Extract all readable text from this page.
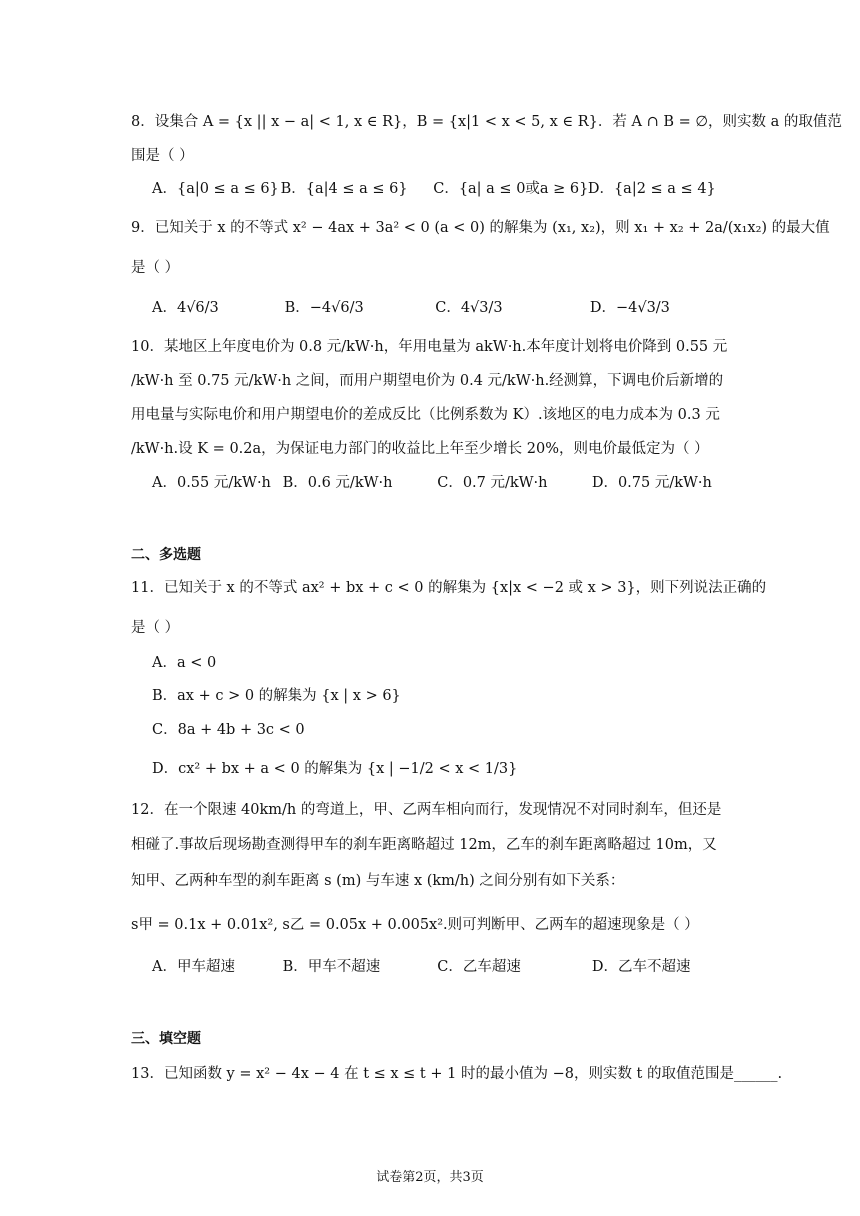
8．设集合 A = {x || x − a| < 1, x ∈ R}，B = {x|1 < x < 5, x ∈ R}．若 A ∩ B = ∅，则实数 a 的取值范
围是（ ）
A．{a|0 ≤ a ≤ 6} B．{a|4 ≤ a ≤ 6} C．{a| a ≤ 0或a ≥ 6} D．{a|2 ≤ a ≤ 4}
9．已知关于 x 的不等式 x² − 4ax + 3a² < 0 (a < 0) 的解集为 (x₁, x₂)，则 x₁ + x₂ + 2a/(x₁x₂) 的最大值
是（ ）
A．4√6/3	B．−4√6/3	C．4√3/3	D．−4√3/3
10．某地区上年度电价为 0.8 元/kW·h，年用电量为 akW·h.本年度计划将电价降到 0.55 元
/kW·h 至 0.75 元/kW·h 之间，而用户期望电价为 0.4 元/kW·h.经测算，下调电价后新增的
用电量与实际电价和用户期望电价的差成反比（比例系数为 K）.该地区的电力成本为 0.3 元
/kW·h.设 K = 0.2a，为保证电力部门的收益比上年至少增长 20%，则电价最低定为（ ）
A．0.55 元/kW·h B．0.6 元/kW·h	C．0.7 元/kW·h	D．0.75 元/kW·h
二、多选题
11．已知关于 x 的不等式 ax² + bx + c < 0 的解集为 {x|x < −2 或 x > 3}，则下列说法正确的
是（ ）
A．a < 0
B．ax + c > 0 的解集为 {x | x > 6}
C．8a + 4b + 3c < 0
D．cx² + bx + a < 0 的解集为 {x | −1/2 < x < 1/3}
12．在一个限速 40km/h 的弯道上，甲、乙两车相向而行，发现情况不对同时刹车，但还是
相碰了.事故后现场勘查测得甲车的刹车距离略超过 12m，乙车的刹车距离略超过 10m，又
知甲、乙两种车型的刹车距离 s (m) 与车速 x (km/h) 之间分别有如下关系：
s甲 = 0.1x + 0.01x², s乙 = 0.05x + 0.005x².则可判断甲、乙两车的超速现象是（ ）
A．甲车超速	B．甲车不超速	C．乙车超速	D．乙车不超速
三、填空题
13．已知函数 y = x² − 4x − 4 在 t ≤ x ≤ t + 1 时的最小值为 −8，则实数 t 的取值范围是______.
试卷第2页，共3页
